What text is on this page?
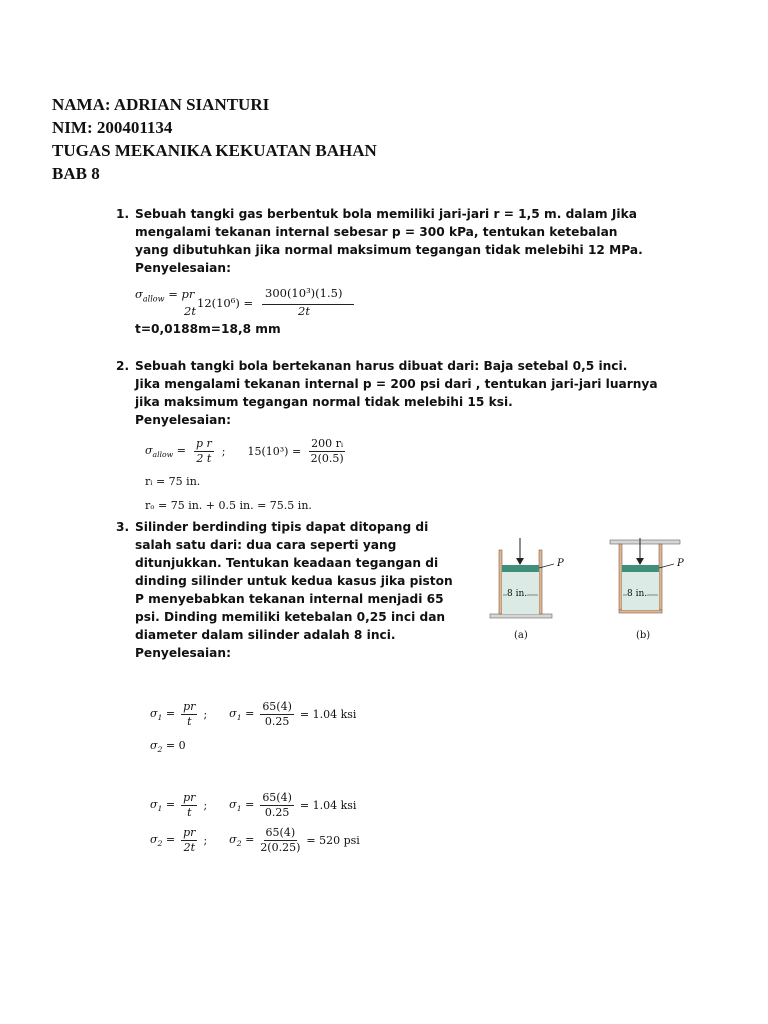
NAMA: ADRIAN SIANTURI
NIM: 200401134
TUGAS MEKANIKA KEKUATAN BAHAN
BAB 8
1. Sebuah tangki gas berbentuk bola memiliki jari-jari r = 1,5 m. dalam Jika
mengalami tekanan internal sebesar p = 300 kPa, tentukan ketebalan
yang dibutuhkan jika normal maksimum tegangan tidak melebihi 12 MPa.
Penyelesaian:
$\sigma_{allow}$ = pr
2t
12(10⁶) =
300(10³)(1.5)
2t
t=0,0188m=18,8 mm
2. Sebuah tangki bola bertekanan harus dibuat dari: Baja setebal 0,5 inci.
Jika mengalami tekanan internal p = 200 psi dari , tentukan jari-jari luarnya
jika maksimum tegangan normal tidak melebihi 15 ksi.
Penyelesaian:
$\sigma_{allow} = \frac{\text{p r}}{2 t}$ ; $15(10^3) = \frac{\text{200 rᵢ}}{2(0.5)}$
rᵢ = 75 in.
rₒ = 75 in. + 0.5 in. = 75.5 in.
3. Silinder berdinding tipis dapat ditopang di
salah satu dari: dua cara seperti yang
ditunjukkan. Tentukan keadaan tegangan di
dinding silinder untuk kedua kasus jika piston
P menyebabkan tekanan internal menjadi 65
psi. Dinding memiliki ketebalan 0,25 inci dan
diameter dalam silinder adalah 8 inci.
Penyelesaian:
P	P
8 in.	8 in.
(a)	(b)
$\sigma_1 = \frac{pr}{t}$ ; $\sigma_1 = \frac{65(4)}{0.25} = 1.04$ ksi
$\sigma_2 = 0$
$\sigma_1 = \frac{pr}{t}$ ; $\sigma_1 = \frac{65(4)}{0.25} = 1.04$ ksi
$\sigma_2 = \frac{pr}{2t}$ ; $\sigma_2 = \frac{65(4)}{2(0.25)} = 520$ psi
